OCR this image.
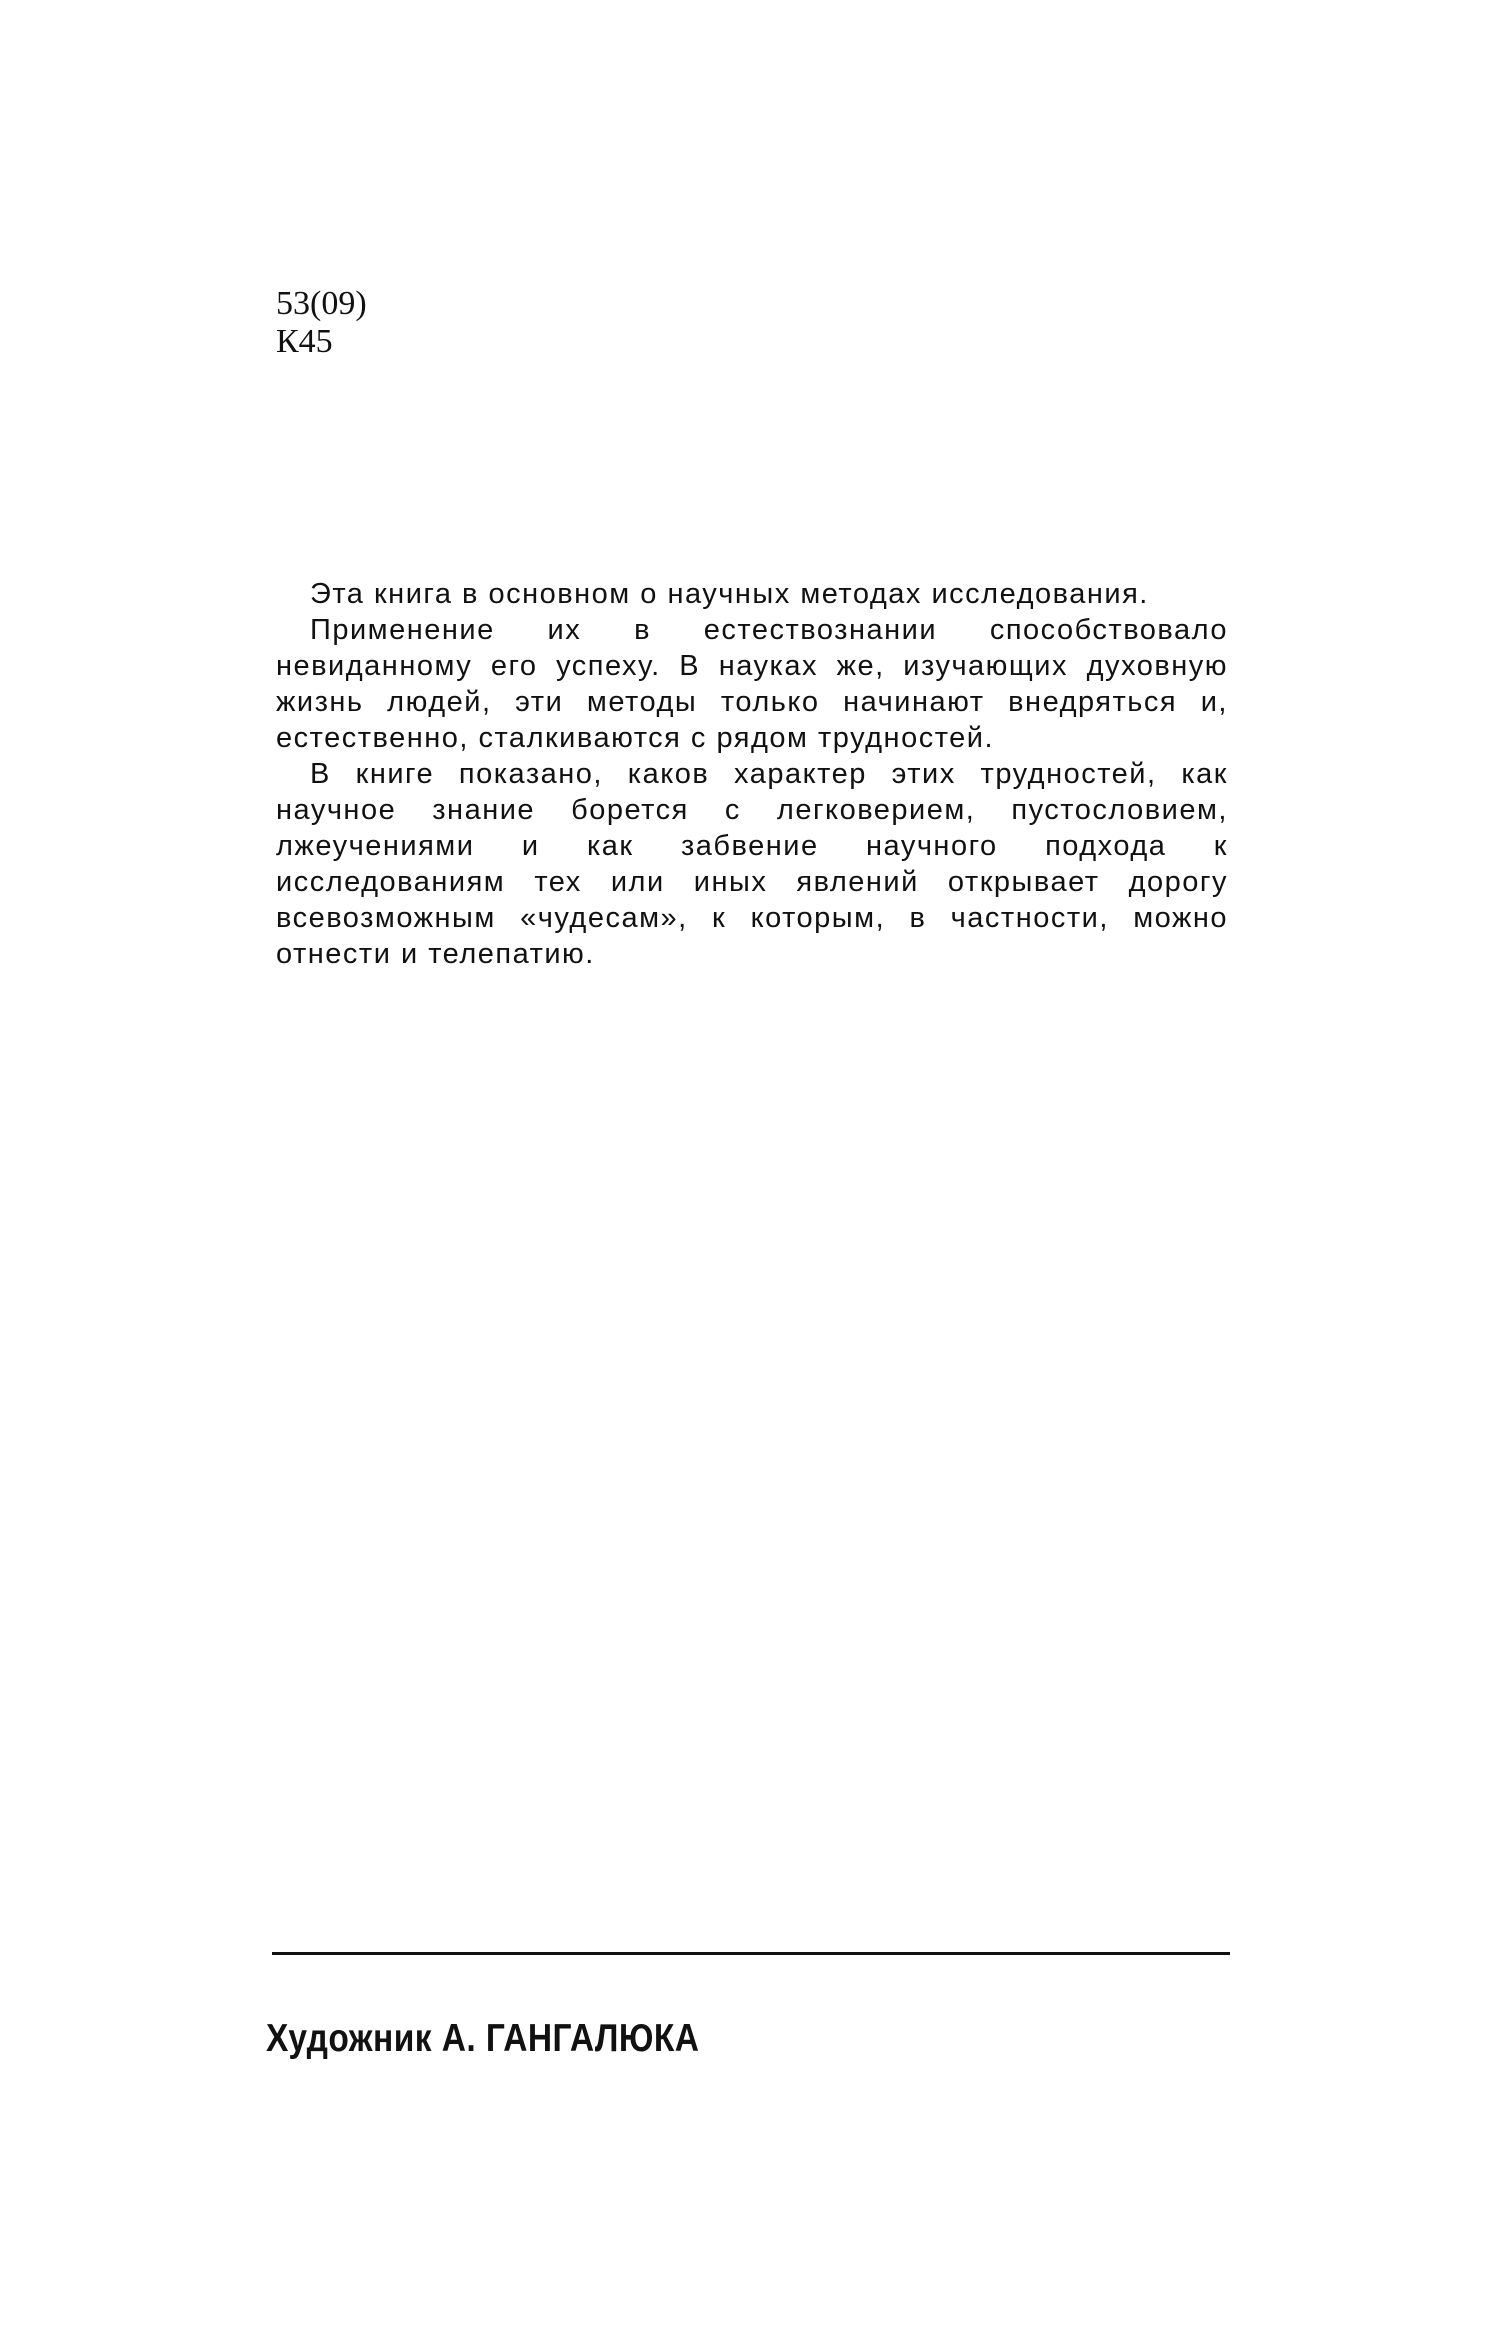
53(09)
К45

Эта книга в основном о научных методах исследования.

Применение их в естествознании способствовало невиданному его успеху. В науках же, изучающих духовную жизнь людей, эти методы только начинают внедряться и, естественно, сталкиваются с рядом трудностей.

В книге показано, каков характер этих трудностей, как научное знание борется с легковерием, пустословием, лжеучениями и как забвение научного подхода к исследованиям тех или иных явлений открывает дорогу всевозможным «чудесам», к которым, в частности, можно отнести и телепатию.

Художник А. ГАНГАЛЮКА
